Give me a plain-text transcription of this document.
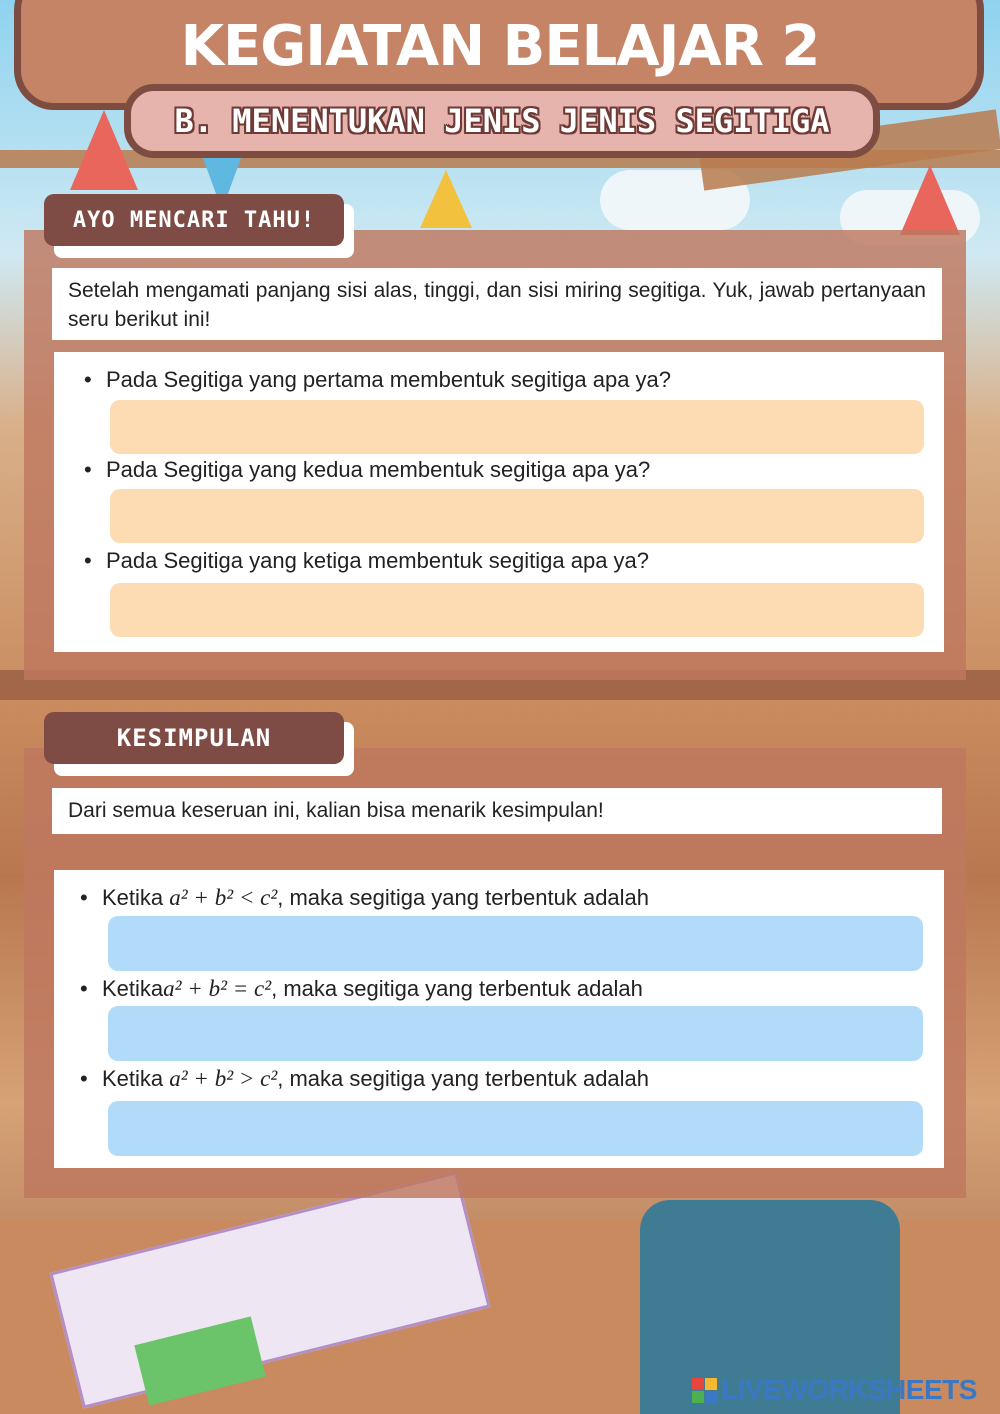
KEGIATAN BELAJAR 2
B. MENENTUKAN JENIS JENIS SEGITIGA
AYO MENCARI TAHU!
Setelah mengamati panjang sisi alas, tinggi, dan sisi miring segitiga. Yuk, jawab pertanyaan seru berikut ini!
• Pada Segitiga yang pertama membentuk segitiga apa ya?
• Pada Segitiga yang kedua membentuk segitiga apa ya?
• Pada Segitiga yang ketiga membentuk segitiga apa ya?
KESIMPULAN
Dari semua keseruan ini, kalian bisa menarik kesimpulan!
• Ketika a² + b² < c², maka segitiga yang terbentuk adalah
• Ketikaa² + b² = c², maka segitiga yang terbentuk adalah
• Ketika a² + b² > c², maka segitiga yang terbentuk adalah
LIVEWORKSHEETS
